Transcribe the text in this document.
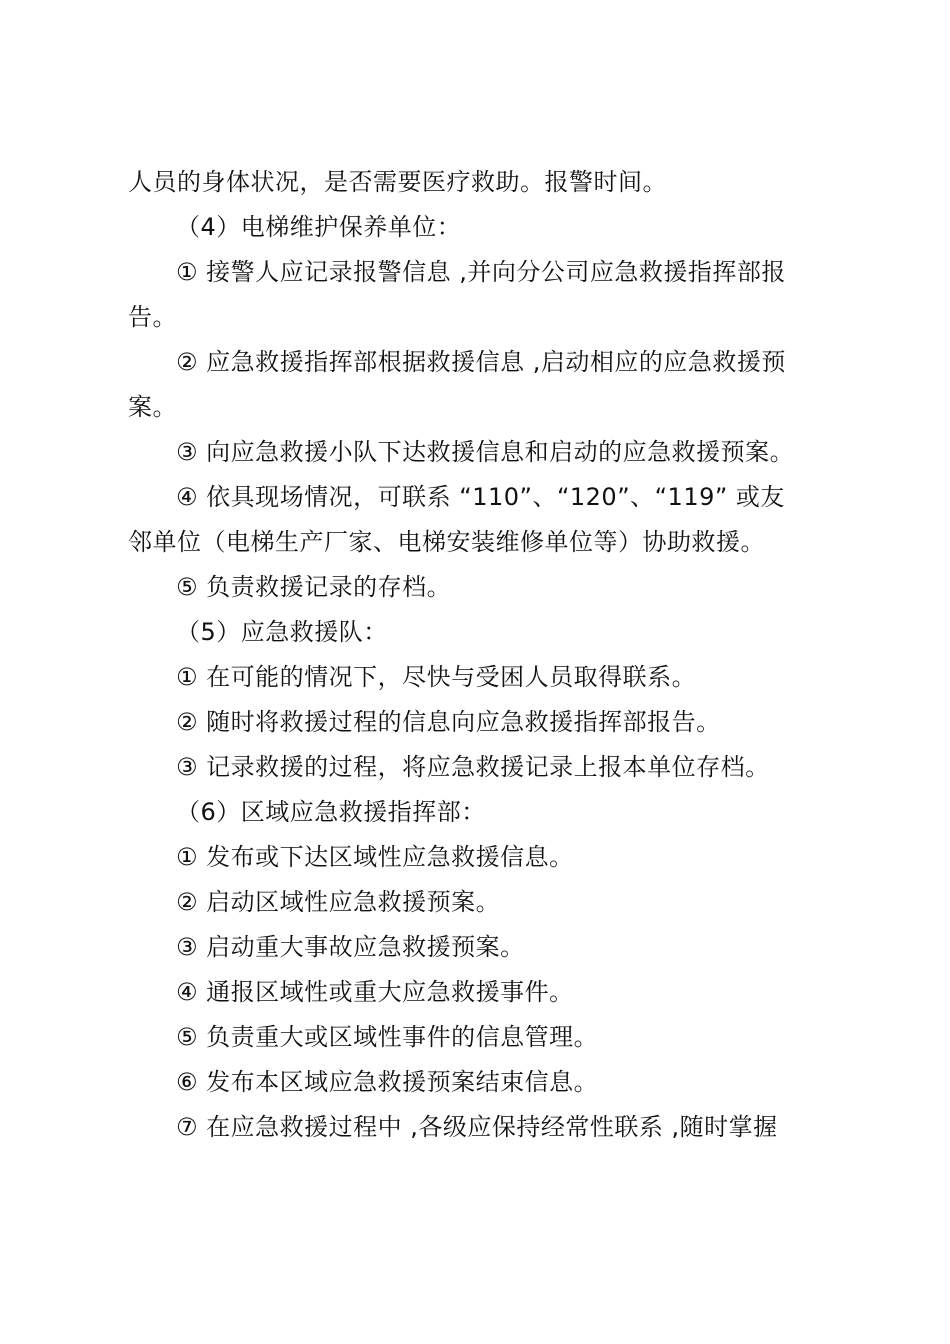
人员的身体状况，是否需要医疗救助。报警时间。
（4）电梯维护保养单位：
① 接警人应记录报警信息 ,并向分公司应急救援指挥部报
告。
② 应急救援指挥部根据救援信息 ,启动相应的应急救援预
案。
③ 向应急救援小队下达救援信息和启动的应急救援预案。
④ 依具现场情况，可联系 “110”、“120”、“119” 或友
邻单位（电梯生产厂家、电梯安装维修单位等）协助救援。
⑤ 负责救援记录的存档。
（5）应急救援队：
① 在可能的情况下，尽快与受困人员取得联系。
② 随时将救援过程的信息向应急救援指挥部报告。
③ 记录救援的过程，将应急救援记录上报本单位存档。
（6）区域应急救援指挥部：
① 发布或下达区域性应急救援信息。
② 启动区域性应急救援预案。
③ 启动重大事故应急救援预案。
④ 通报区域性或重大应急救援事件。
⑤ 负责重大或区域性事件的信息管理。
⑥ 发布本区域应急救援预案结束信息。
⑦ 在应急救援过程中 ,各级应保持经常性联系 ,随时掌握
